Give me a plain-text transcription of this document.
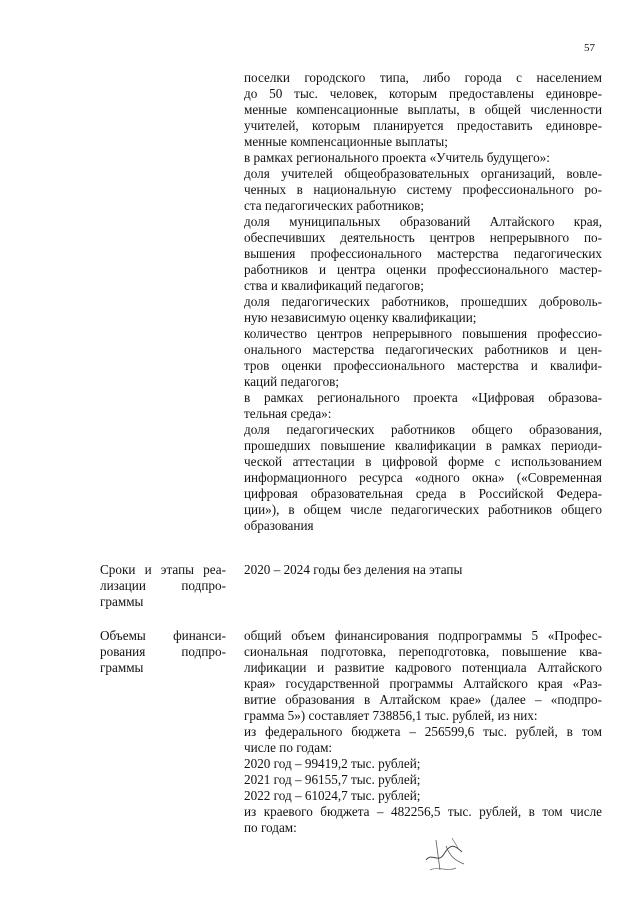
57
поселки городского типа, либо города с населением
до 50 тыс. человек, которым предоставлены единовре-
менные компенсационные выплаты, в общей численности
учителей, которым планируется предоставить единовре-
менные компенсационные выплаты;
в рамках регионального проекта «Учитель будущего»:
доля учителей общеобразовательных организаций, вовле-
ченных в национальную систему профессионального ро-
ста педагогических работников;
доля муниципальных образований Алтайского края,
обеспечивших деятельность центров непрерывного по-
вышения профессионального мастерства педагогических
работников и центра оценки профессионального мастер-
ства и квалификаций педагогов;
доля педагогических работников, прошедших доброволь-
ную независимую оценку квалификации;
количество центров непрерывного повышения профессио-
онального мастерства педагогических работников и цен-
тров оценки профессионального мастерства и квалифи-
каций педагогов;
в рамках регионального проекта «Цифровая образова-
тельная среда»:
доля педагогических работников общего образования,
прошедших повышение квалификации в рамках периоди-
ческой аттестации в цифровой форме с использованием
информационного ресурса «одного окна» («Современная
цифровая образовательная среда в Российской Федера-
ции»), в общем числе педагогических работников общего
образования
Сроки и этапы реа-
лизации подпро-
граммы
2020 – 2024 годы без деления на этапы
Объемы финанси-
рования подпро-
граммы
общий объем финансирования подпрограммы 5 «Профес-
сиональная подготовка, переподготовка, повышение ква-
лификации и развитие кадрового потенциала Алтайского
края» государственной программы Алтайского края «Раз-
витие образования в Алтайском крае» (далее – «подпро-
грамма 5») составляет 738856,1 тыс. рублей, из них:
из федерального бюджета – 256599,6 тыс. рублей, в том
числе по годам:
2020 год – 99419,2 тыс. рублей;
2021 год – 96155,7 тыс. рублей;
2022 год – 61024,7 тыс. рублей;
из краевого бюджета – 482256,5 тыс. рублей, в том числе
по годам:
